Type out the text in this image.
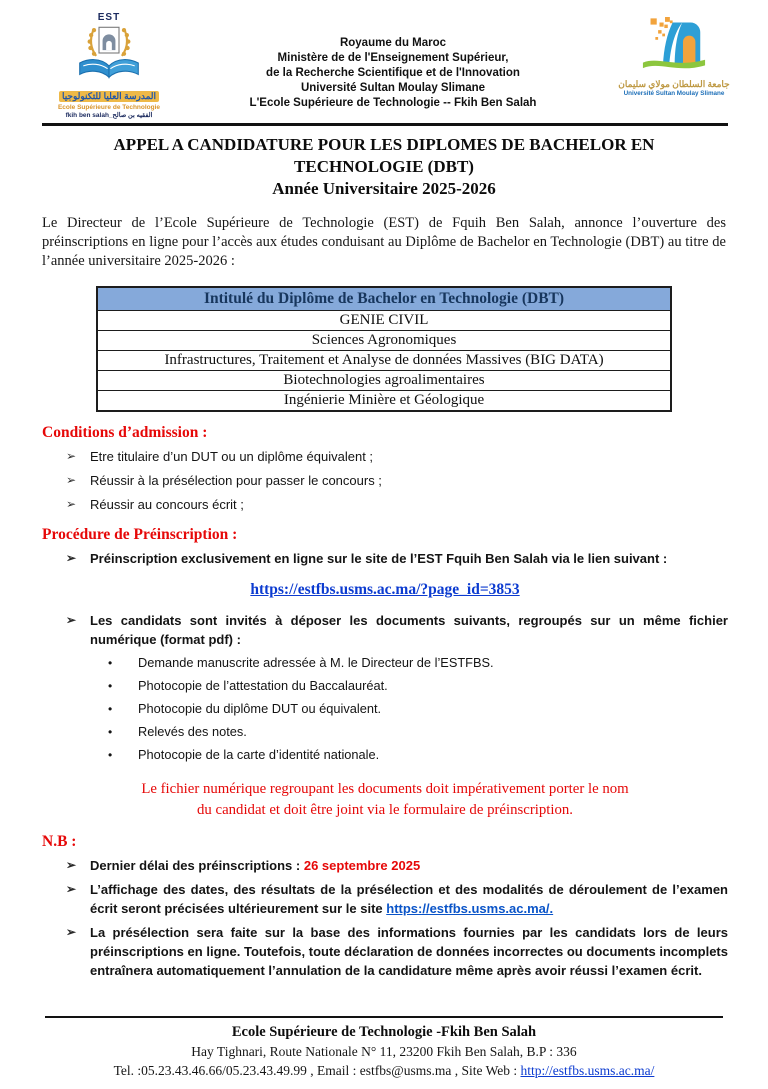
EST
المدرسة العليا للتكنولوجيا
Ecole Supérieure de Technologie
fkih ben salah_الفقيه بن صالح
Royaume du Maroc
Ministère de de l'Enseignement Supérieur,
de la Recherche Scientifique et de l'Innovation
Université Sultan Moulay Slimane
L'Ecole Supérieure de Technologie -- Fkih Ben Salah
جامعة السلطان مولاي سليمان
Université Sultan Moulay Slimane
APPEL A CANDIDATURE POUR LES DIPLOMES DE BACHELOR EN
TECHNOLOGIE (DBT)
Année Universitaire 2025-2026
Le Directeur de l’Ecole Supérieure de Technologie (EST) de Fquih Ben Salah, annonce l’ouverture des préinscriptions en ligne pour l’accès aux études conduisant au Diplôme de Bachelor en Technologie (DBT) au titre de l’année universitaire 2025-2026 :
Intitulé du Diplôme de Bachelor en Technologie (DBT)
GENIE CIVIL
Sciences Agronomiques
Infrastructures, Traitement et Analyse de données Massives (BIG DATA)
Biotechnologies agroalimentaires
Ingénierie Minière et Géologique
Conditions d’admission :
➢	Etre titulaire d’un DUT ou un diplôme équivalent ;
➢	Réussir à la présélection pour passer le concours ;
➢	Réussir au concours écrit ;
Procédure de Préinscription :
➢	Préinscription exclusivement en ligne sur le site de l’EST Fquih Ben Salah via le lien suivant :
https://estfbs.usms.ac.ma/?page_id=3853
➢	Les candidats sont invités à déposer les documents suivants, regroupés sur un même fichier numérique (format pdf) :
•	Demande manuscrite adressée à M. le Directeur de l’ESTFBS.
•	Photocopie de l’attestation du Baccalauréat.
•	Photocopie du diplôme DUT ou équivalent.
•	Relevés des notes.
•	Photocopie de la carte d’identité nationale.
Le fichier numérique regroupant les documents doit impérativement porter le nom
du candidat et doit être joint via le formulaire de préinscription.
N.B :
➢	Dernier délai des préinscriptions : 26 septembre 2025
➢	L’affichage des dates, des résultats de la présélection et des modalités de déroulement de l’examen écrit seront précisées ultérieurement sur le site https://estfbs.usms.ac.ma/.
➢	La présélection sera faite sur la base des informations fournies par les candidats lors de leurs préinscriptions en ligne. Toutefois, toute déclaration de données incorrectes ou documents incomplets entraînera automatiquement l’annulation de la candidature même après avoir réussi l’examen écrit.
Ecole Supérieure de Technologie -Fkih Ben Salah
Hay Tighnari, Route Nationale N° 11, 23200 Fkih Ben Salah, B.P : 336
Tel. :05.23.43.46.66/05.23.43.49.99 , Email : estfbs@usms.ma , Site Web : http://estfbs.usms.ac.ma/
